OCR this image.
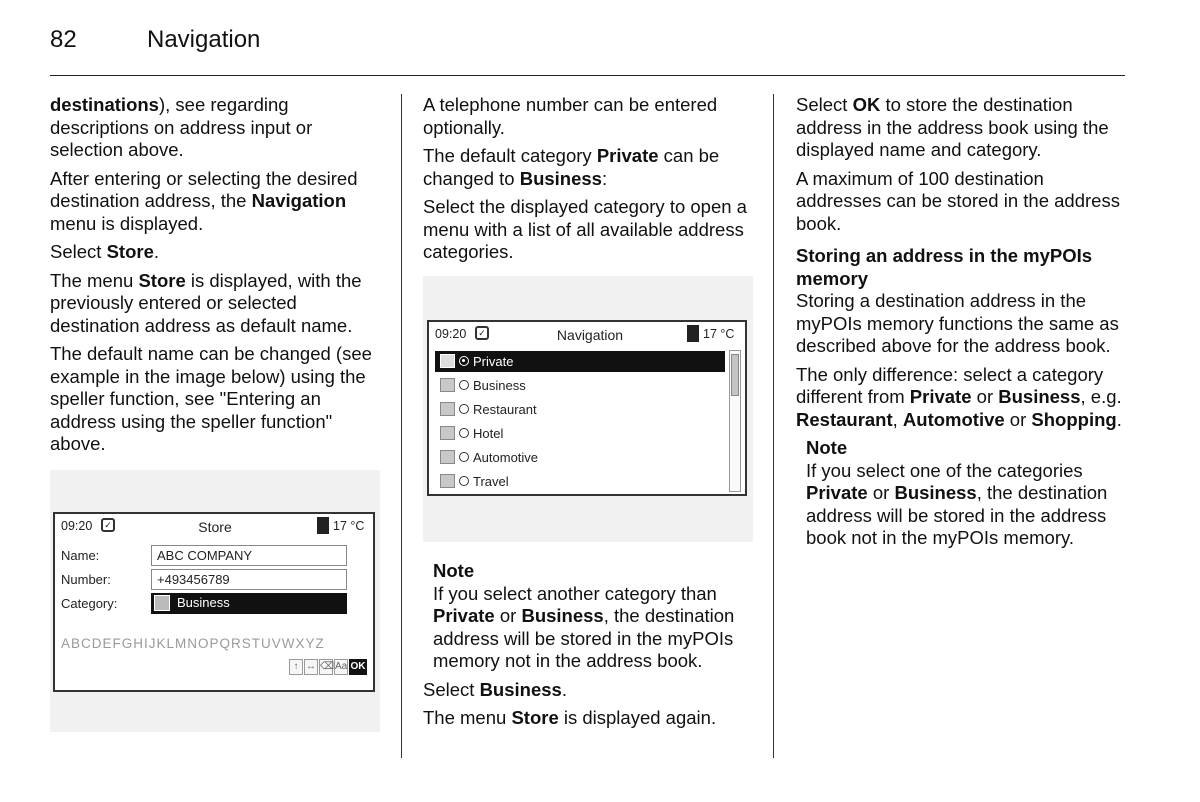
82	Navigation

destinations), see regarding descriptions on address input or selection above.

After entering or selecting the desired destination address, the Navigation menu is displayed.

Select Store.

The menu Store is displayed, with the previously entered or selected destination address as default name.

The default name can be changed (see example in the image below) using the speller function, see "Entering an address using the speller function" above.

09:20	✓	Store	17 °C
Name:	ABC COMPANY
Number:	+493456789
Category:	Business
ABCDEFGHIJKLMNOPQRSTUVWXYZ
↑ ↔ ⌫ Aa OK

A telephone number can be entered optionally.

The default category Private can be changed to Business:

Select the displayed category to open a menu with a list of all available address categories.

09:20	✓	Navigation	17 °C
Private
Business
Restaurant
Hotel
Automotive
Travel
Note

If you select another category than Private or Business, the destination address will be stored in the myPOIs memory not in the address book.

Select Business.

The menu Store is displayed again.

Select OK to store the destination address in the address book using the displayed name and category.

A maximum of 100 destination addresses can be stored in the address book.

Storing an address in the myPOIs memory

Storing a destination address in the myPOIs memory functions the same as described above for the address book.

The only difference: select a category different from Private or Business, e.g. Restaurant, Automotive or Shopping.

Note

If you select one of the categories Private or Business, the destination address will be stored in the address book not in the myPOIs memory.
